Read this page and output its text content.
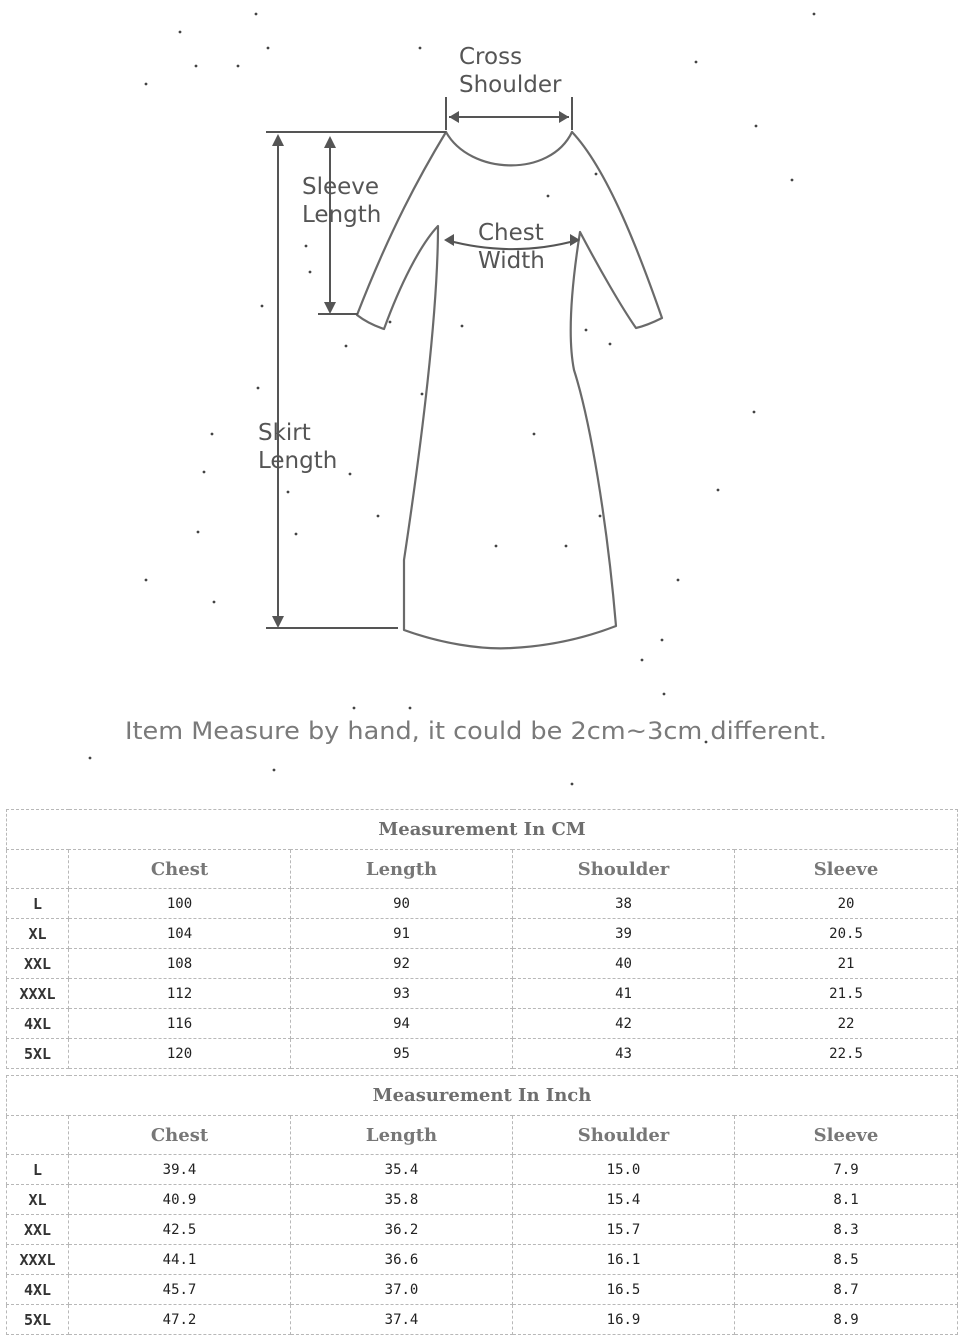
Cross
Shoulder
Sleeve
Length
Chest
Width
Skirt
Length
Item Measure by hand, it could be 2cm~3cm different.
Measurement In CM				
	Chest	Length	Shoulder	Sleeve
L	100	90	38	20
XL	104	91	39	20.5
XXL	108	92	40	21
XXXL	112	93	41	21.5
4XL	116	94	42	22
5XL	120	95	43	22.5
Measurement In Inch				
	Chest	Length	Shoulder	Sleeve
L	39.4	35.4	15.0	7.9
XL	40.9	35.8	15.4	8.1
XXL	42.5	36.2	15.7	8.3
XXXL	44.1	36.6	16.1	8.5
4XL	45.7	37.0	16.5	8.7
5XL	47.2	37.4	16.9	8.9
